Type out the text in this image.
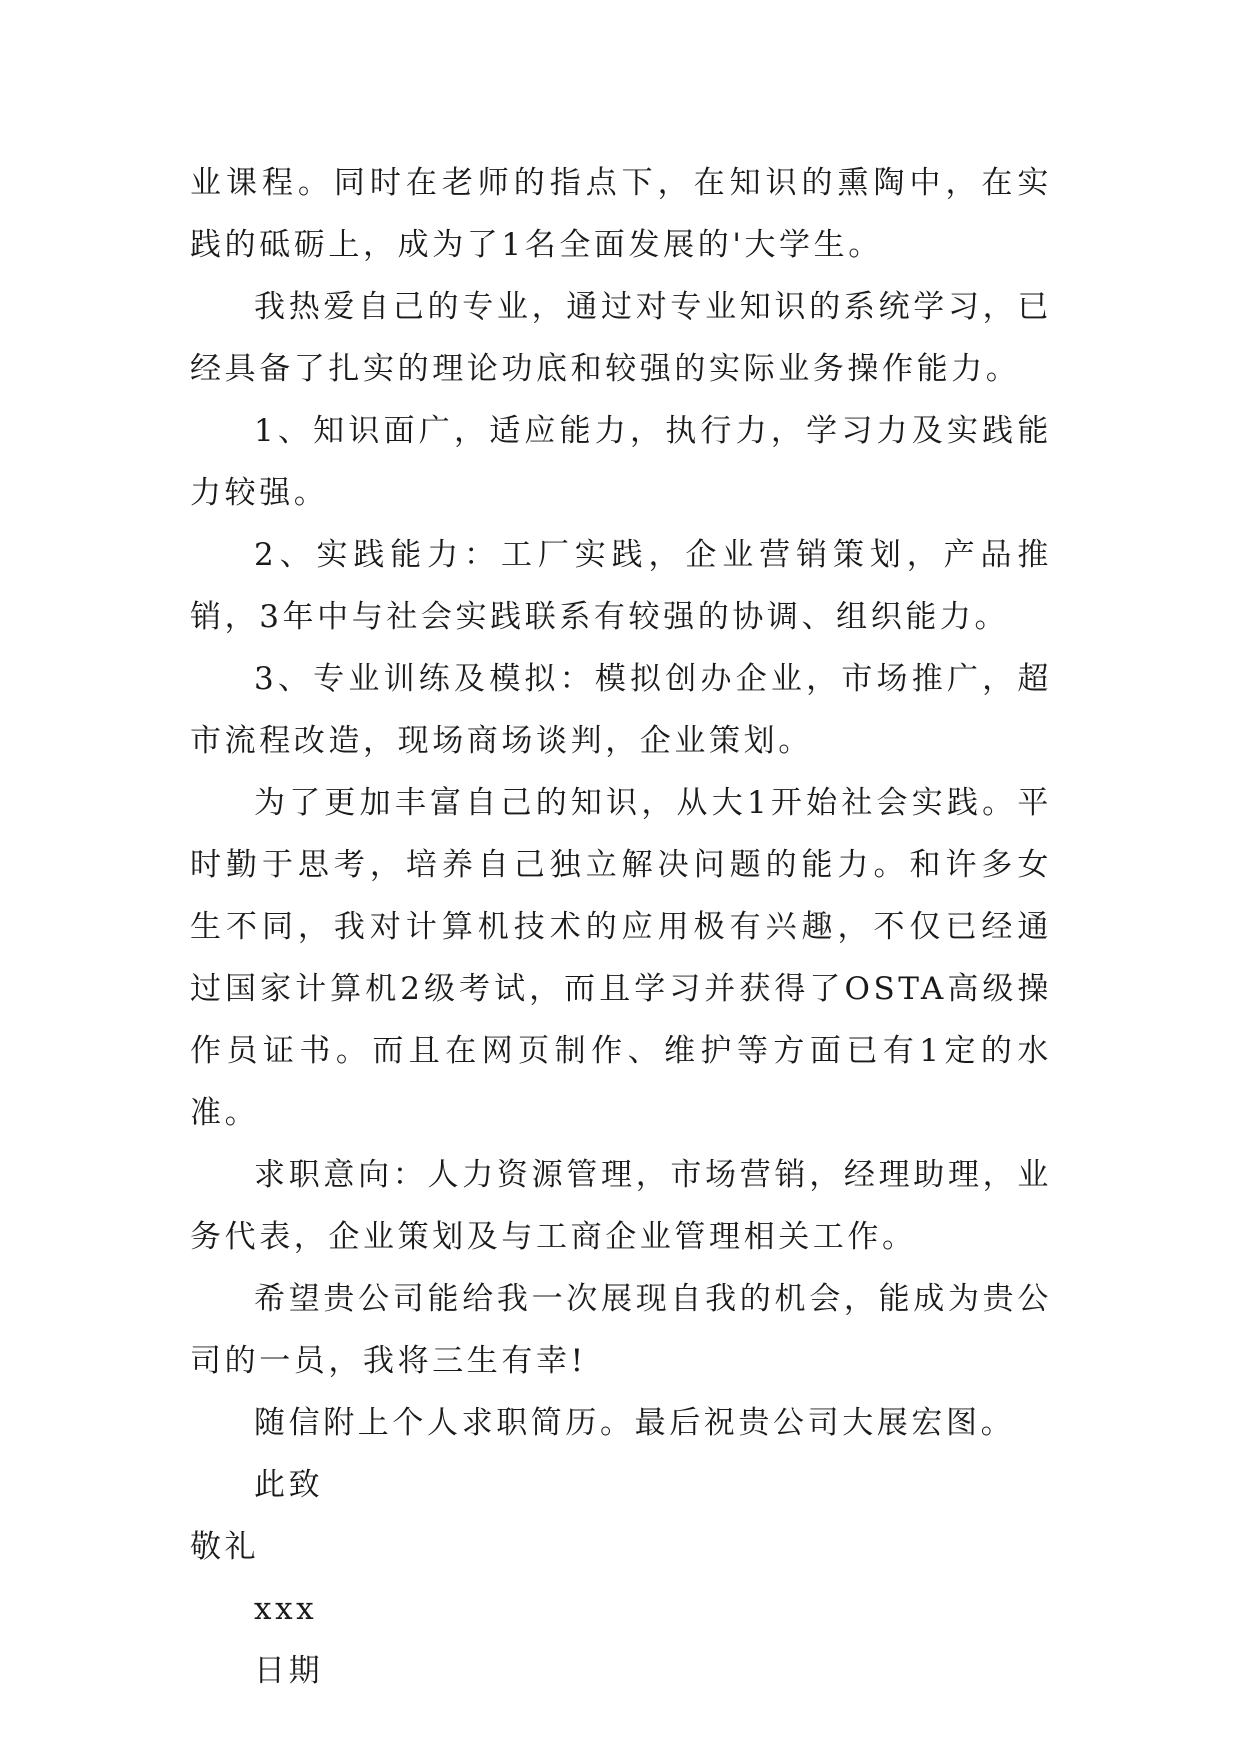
业课程。同时在老师的指点下，在知识的熏陶中，在实践的砥砺上，成为了1名全面发展的'大学生。

我热爱自己的专业，通过对专业知识的系统学习，已经具备了扎实的理论功底和较强的实际业务操作能力。

1、知识面广，适应能力，执行力，学习力及实践能力较强。

2、实践能力：工厂实践，企业营销策划，产品推销，3年中与社会实践联系有较强的协调、组织能力。

3、专业训练及模拟：模拟创办企业，市场推广，超市流程改造，现场商场谈判，企业策划。

为了更加丰富自己的知识，从大1开始社会实践。平时勤于思考，培养自己独立解决问题的能力。和许多女生不同，我对计算机技术的应用极有兴趣，不仅已经通过国家计算机2级考试，而且学习并获得了OSTA高级操作员证书。而且在网页制作、维护等方面已有1定的水准。

求职意向：人力资源管理，市场营销，经理助理，业务代表，企业策划及与工商企业管理相关工作。

希望贵公司能给我一次展现自我的机会，能成为贵公司的一员，我将三生有幸!

随信附上个人求职简历。最后祝贵公司大展宏图。

此致

敬礼

xxx

日期
